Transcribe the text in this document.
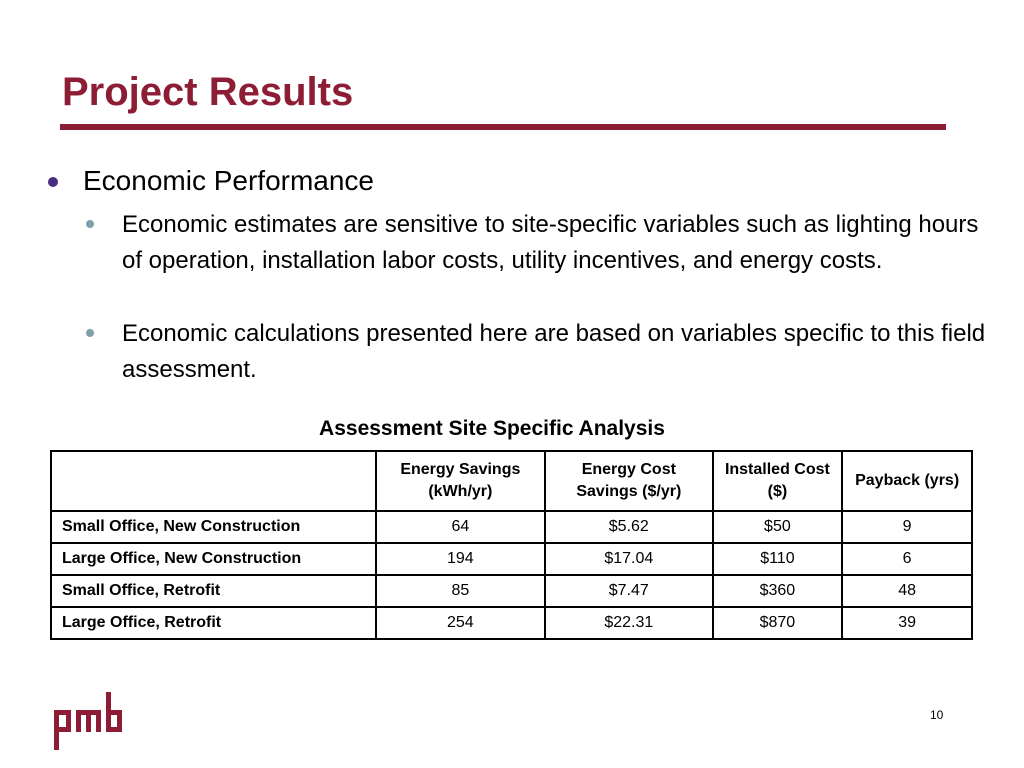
Project Results
Economic Performance
Economic estimates are sensitive to site-specific variables such as lighting hours of operation, installation labor costs, utility incentives, and energy costs.
Economic calculations presented here are based on variables specific to this field assessment.

Assessment Site Specific Analysis

	Energy Savings (kWh/yr)	Energy Cost Savings ($/yr)	Installed Cost ($)	Payback (yrs)
Small Office, New Construction	64	$5.62	$50	9
Large Office, New Construction	194	$17.04	$110	6
Small Office, Retrofit	85	$7.47	$360	48
Large Office, Retrofit	254	$22.31	$870	39
10
